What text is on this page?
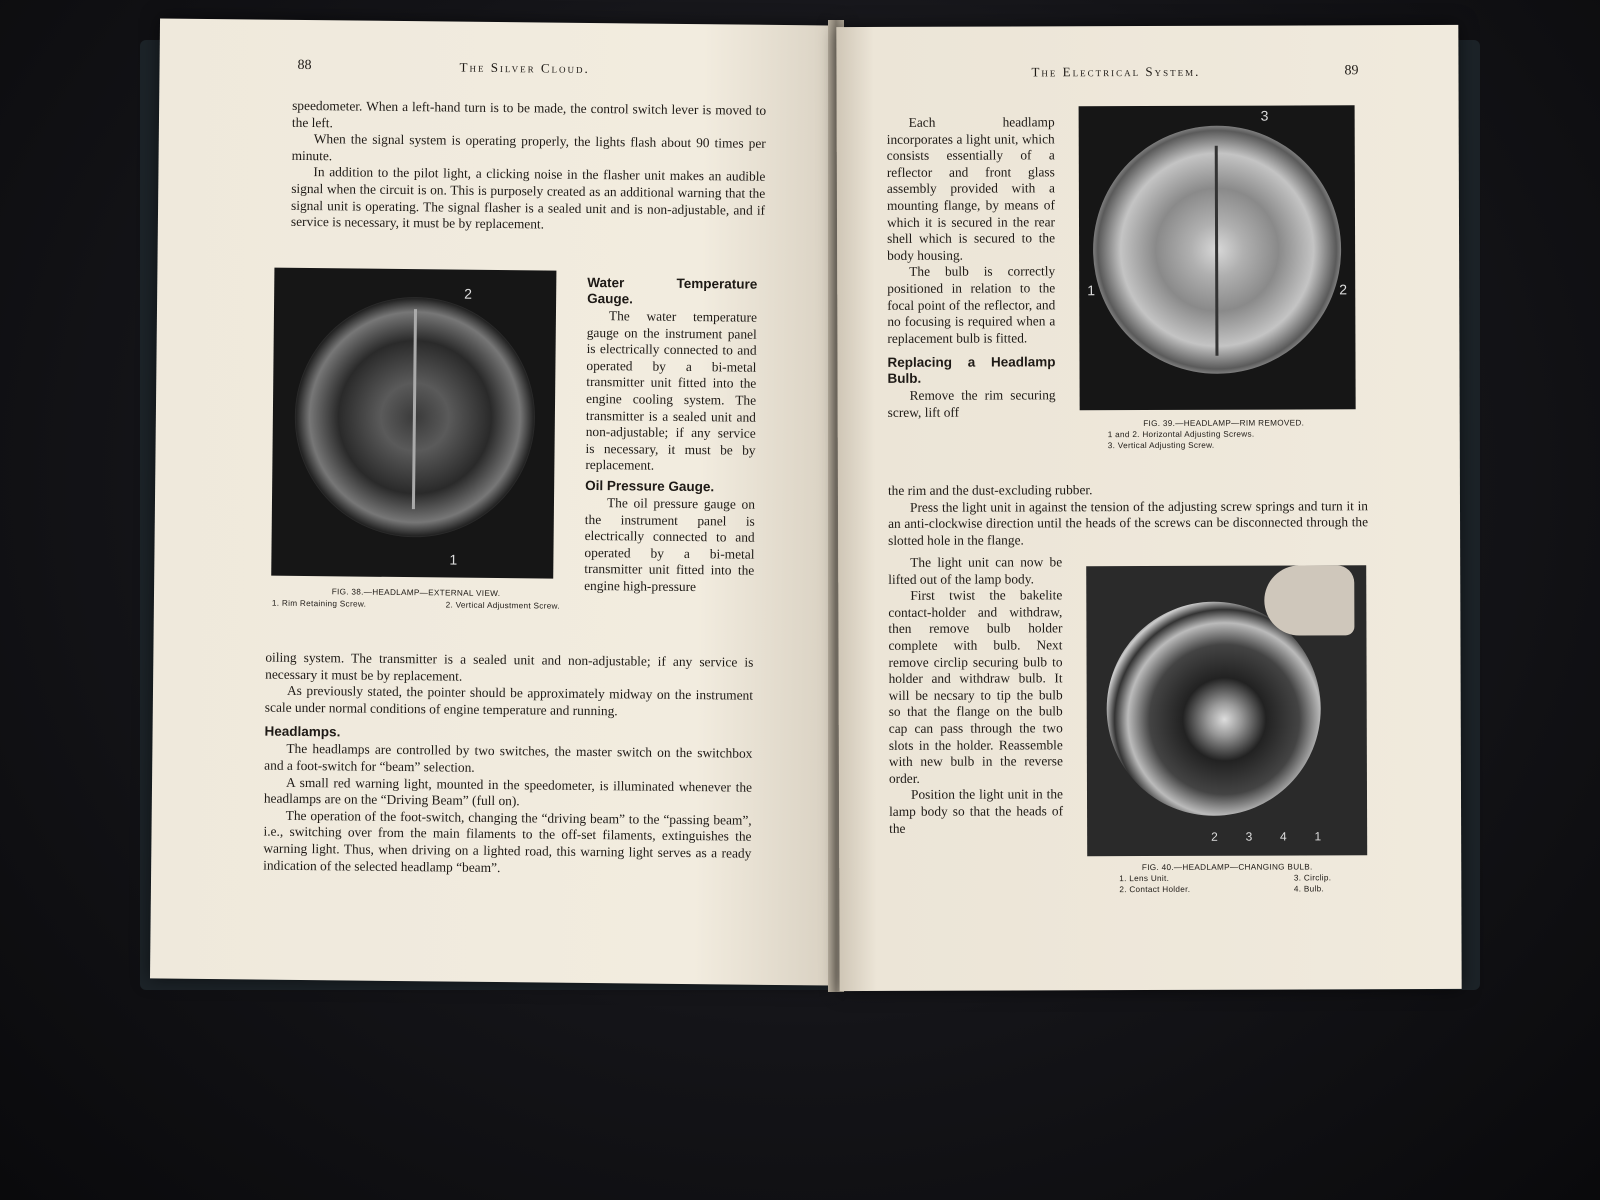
88	The Silver Cloud.

speedometer. When a left-hand turn is to be made, the control switch lever is moved to the left.

When the signal system is operating properly, the lights flash about 90 times per minute.

In addition to the pilot light, a clicking noise in the flasher unit makes an audible signal when the circuit is on. This is purposely created as an additional warning that the signal unit is operating. The signal flasher is a sealed unit and is non-adjustable, and if service is necessary, it must be by replacement.

2
1
FIG. 38.—HEADLAMP—EXTERNAL VIEW.
1. Rim Retaining Screw.	2. Vertical Adjustment Screw.
Water Temperature Gauge.

The water temperature gauge on the instrument panel is electrically connected to and operated by a bi-metal transmitter unit fitted into the engine cooling system. The transmitter is a sealed unit and non-adjustable; if any service is necessary, it must be by replacement.

Oil Pressure Gauge.

The oil pressure gauge on the instrument panel is electrically connected to and operated by a bi-metal transmitter unit fitted into the engine high-pressure

oiling system. The transmitter is a sealed unit and non-adjustable; if any service is necessary it must be by replacement.

As previously stated, the pointer should be approximately midway on the instrument scale under normal conditions of engine temperature and running.

Headlamps.

The headlamps are controlled by two switches, the master switch on the switchbox and a foot-switch for “beam” selection.

A small red warning light, mounted in the speedometer, is illuminated whenever the headlamps are on the “Driving Beam” (full on).

The operation of the foot-switch, changing the “driving beam” to the “passing beam”, i.e., switching over from the main filaments to the off-set filaments, extinguishes the warning light. Thus, when driving on a lighted road, this warning light serves as a ready indication of the selected headlamp “beam”.

The Electrical System.	89

Each headlamp incorporates a light unit, which consists essentially of a reflector and front glass assembly provided with a mounting flange, by means of which it is secured in the rear shell which is secured to the body housing.

The bulb is correctly positioned in relation to the focal point of the reflector, and no focusing is required when a replacement bulb is fitted.

Replacing a Headlamp Bulb.

Remove the rim securing screw, lift off

3
1	2
FIG. 39.—HEADLAMP—RIM REMOVED.
1 and 2. Horizontal Adjusting Screws.
3. Vertical Adjusting Screw.

the rim and the dust-excluding rubber.

Press the light unit in against the tension of the adjusting screw springs and turn it in an anti-clockwise direction until the heads of the screws can be disconnected through the slotted hole in the flange.

The light unit can now be lifted out of the lamp body.

First twist the bakelite contact-holder and withdraw, then remove bulb holder complete with bulb. Next remove circlip securing bulb to holder and withdraw bulb. It will be necsary to tip the bulb so that the flange on the bulb cap can pass through the two slots in the holder. Reassemble with new bulb in the reverse order.

Position the light unit in the lamp body so that the heads of the

2 3 4 1
FIG. 40.—HEADLAMP—CHANGING BULB.
1. Lens Unit.
2. Contact Holder.
3. Circlip.
4. Bulb.
